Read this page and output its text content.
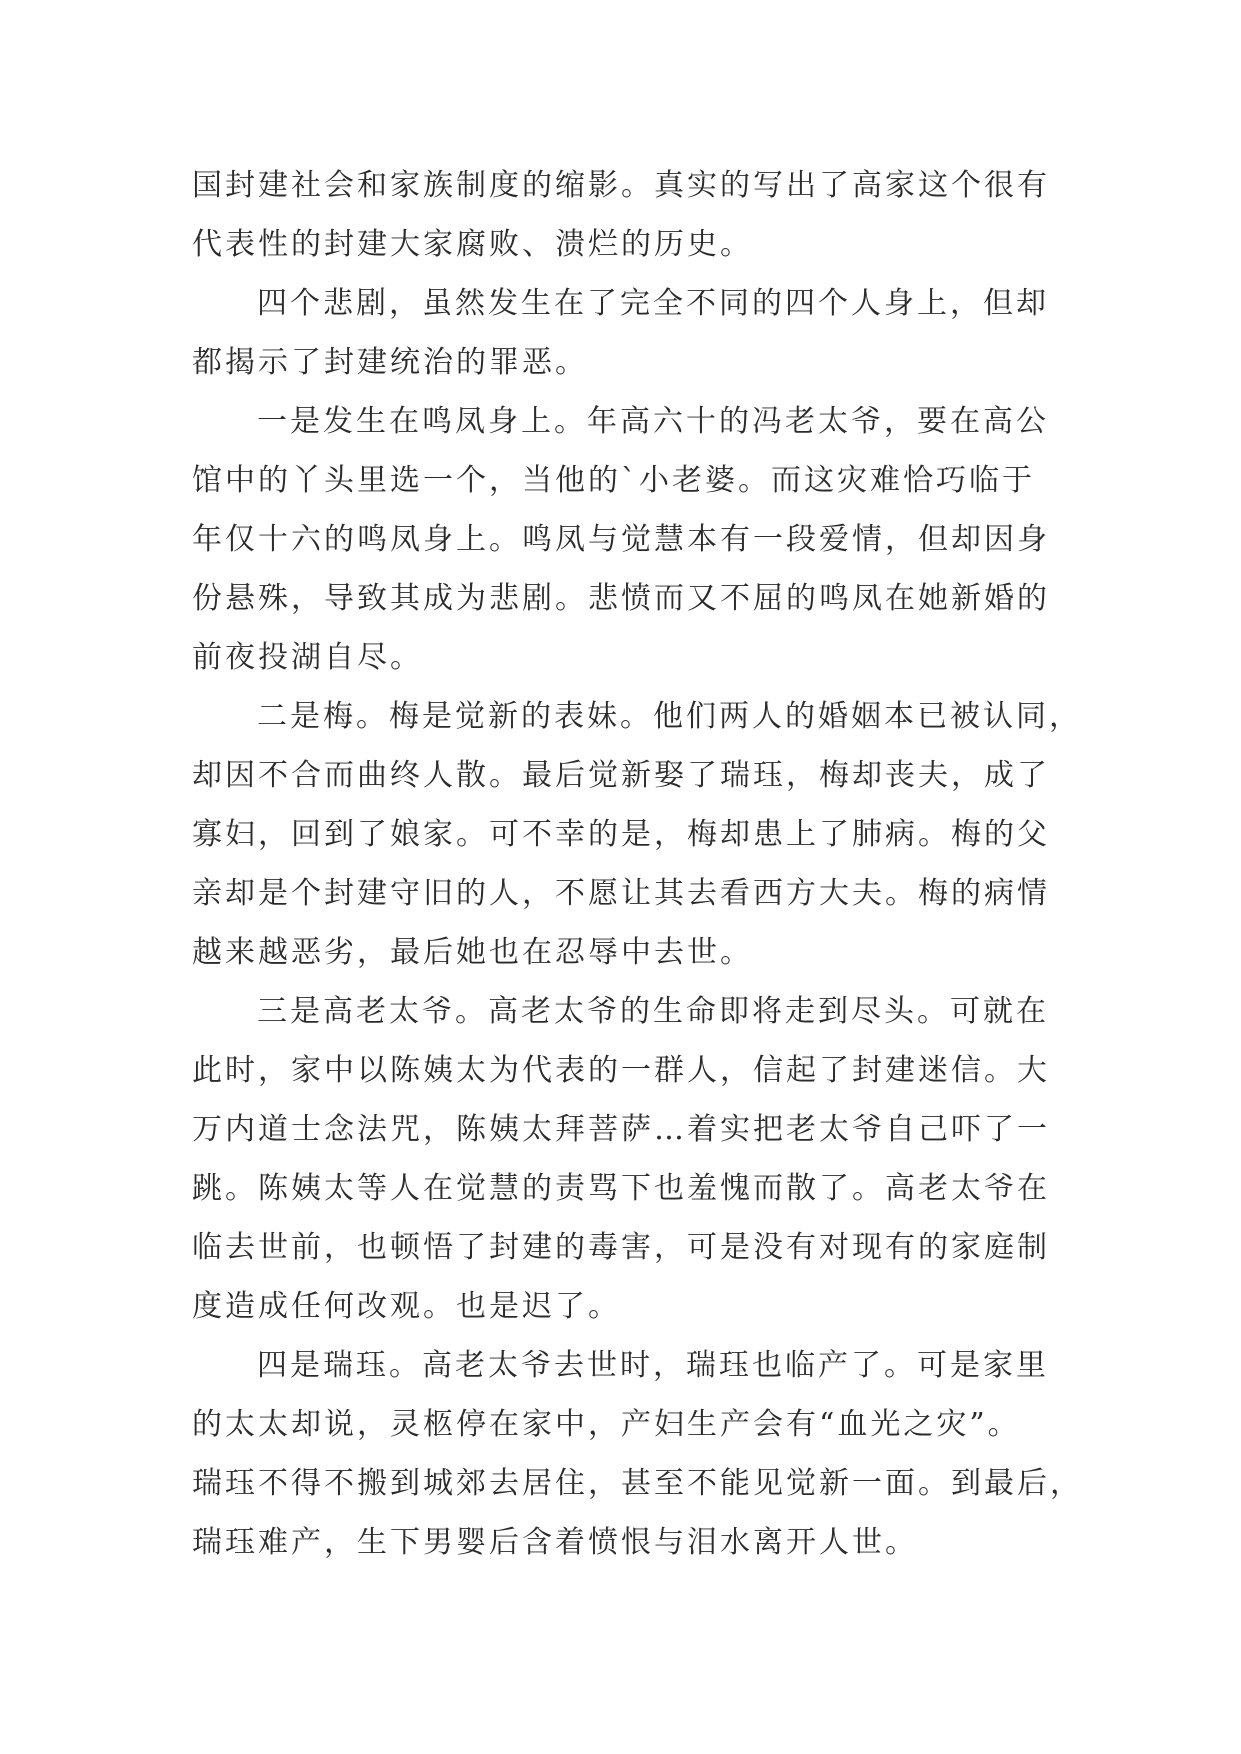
国封建社会和家族制度的缩影。真实的写出了高家这个很有
代表性的封建大家腐败、溃烂的历史。
四个悲剧，虽然发生在了完全不同的四个人身上，但却
都揭示了封建统治的罪恶。
一是发生在鸣凤身上。年高六十的冯老太爷，要在高公
馆中的丫头里选一个，当他的`小老婆。而这灾难恰巧临于
年仅十六的鸣凤身上。鸣凤与觉慧本有一段爱情，但却因身
份悬殊，导致其成为悲剧。悲愤而又不屈的鸣凤在她新婚的
前夜投湖自尽。
二是梅。梅是觉新的表妹。他们两人的婚姻本已被认同，
却因不合而曲终人散。最后觉新娶了瑞珏，梅却丧夫，成了
寡妇，回到了娘家。可不幸的是，梅却患上了肺病。梅的父
亲却是个封建守旧的人，不愿让其去看西方大夫。梅的病情
越来越恶劣，最后她也在忍辱中去世。
三是高老太爷。高老太爷的生命即将走到尽头。可就在
此时，家中以陈姨太为代表的一群人，信起了封建迷信。大
万内道士念法咒，陈姨太拜菩萨…着实把老太爷自己吓了一
跳。陈姨太等人在觉慧的责骂下也羞愧而散了。高老太爷在
临去世前，也顿悟了封建的毒害，可是没有对现有的家庭制
度造成任何改观。也是迟了。
四是瑞珏。高老太爷去世时，瑞珏也临产了。可是家里
的太太却说，灵柩停在家中，产妇生产会有“血光之灾”。
瑞珏不得不搬到城郊去居住，甚至不能见觉新一面。到最后，
瑞珏难产，生下男婴后含着愤恨与泪水离开人世。
